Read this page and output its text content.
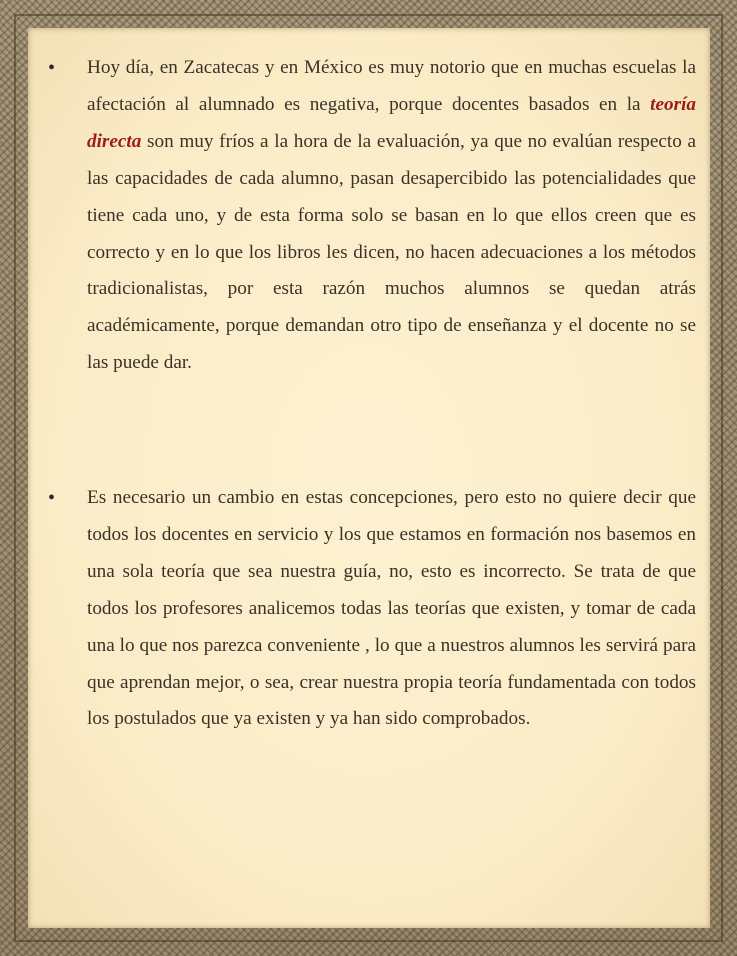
•	Hoy día, en Zacatecas y en México es muy notorio que en muchas escuelas la afectación al alumnado es negativa, porque docentes basados en la teoría directa son muy fríos a la hora de la evaluación, ya que no evalúan respecto a las capacidades de cada alumno, pasan desapercibido las potencialidades que tiene cada uno, y de esta forma solo se basan en lo que ellos creen que es correcto y en lo que los libros les dicen, no hacen adecuaciones a los métodos tradicionalistas, por esta razón muchos alumnos se quedan atrás académicamente, porque demandan otro tipo de enseñanza y el docente no se las puede dar.

•	Es necesario un cambio en estas concepciones, pero esto no quiere decir que todos los docentes en servicio y los que estamos en formación nos basemos en una sola teoría que sea nuestra guía, no, esto es incorrecto. Se trata de que todos los profesores analicemos todas las teorías que existen, y tomar de cada una lo que nos parezca conveniente , lo que a nuestros alumnos les servirá para que aprendan mejor, o sea, crear nuestra propia teoría fundamentada con todos los postulados que ya existen y ya han sido comprobados.
